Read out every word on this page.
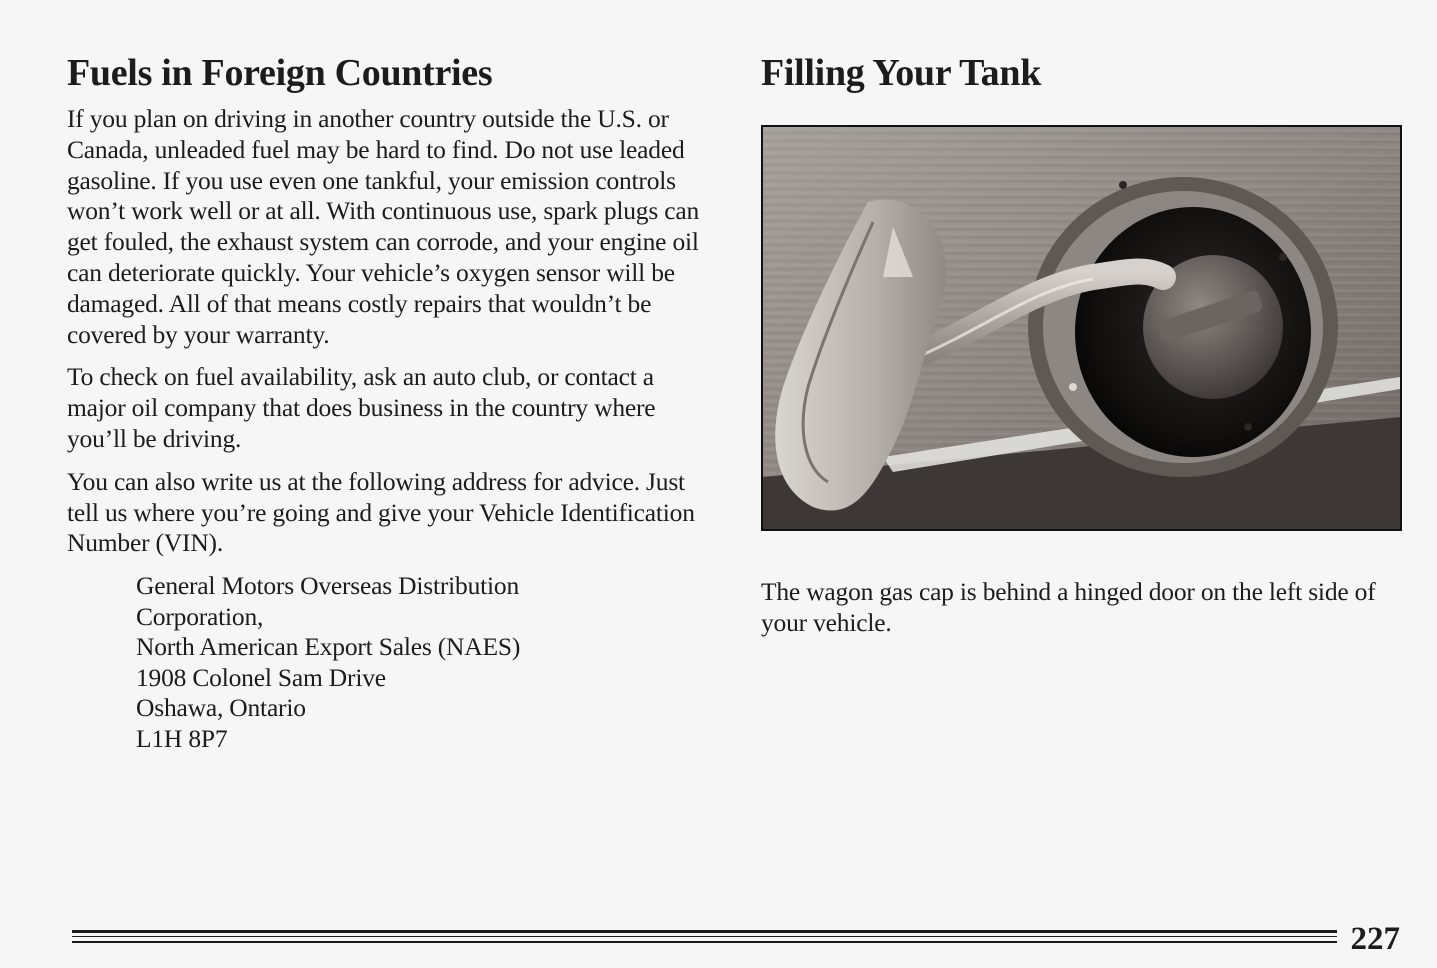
Fuels in Foreign Countries

If you plan on driving in another country outside the U.S. or Canada, unleaded fuel may be hard to find. Do not use leaded gasoline. If you use even one tankful, your emission controls won’t work well or at all. With continuous use, spark plugs can get fouled, the exhaust system can corrode, and your engine oil can deteriorate quickly. Your vehicle’s oxygen sensor will be damaged. All of that means costly repairs that wouldn’t be covered by your warranty.

To check on fuel availability, ask an auto club, or contact a major oil company that does business in the country where you’ll be driving.

You can also write us at the following address for advice. Just tell us where you’re going and give your Vehicle Identification Number (VIN).

General Motors Overseas Distribution
Corporation,
North American Export Sales (NAES)
1908 Colonel Sam Drive
Oshawa, Ontario
L1H 8P7
Filling Your Tank
The wagon gas cap is behind a hinged door on the left side of your vehicle.
227
